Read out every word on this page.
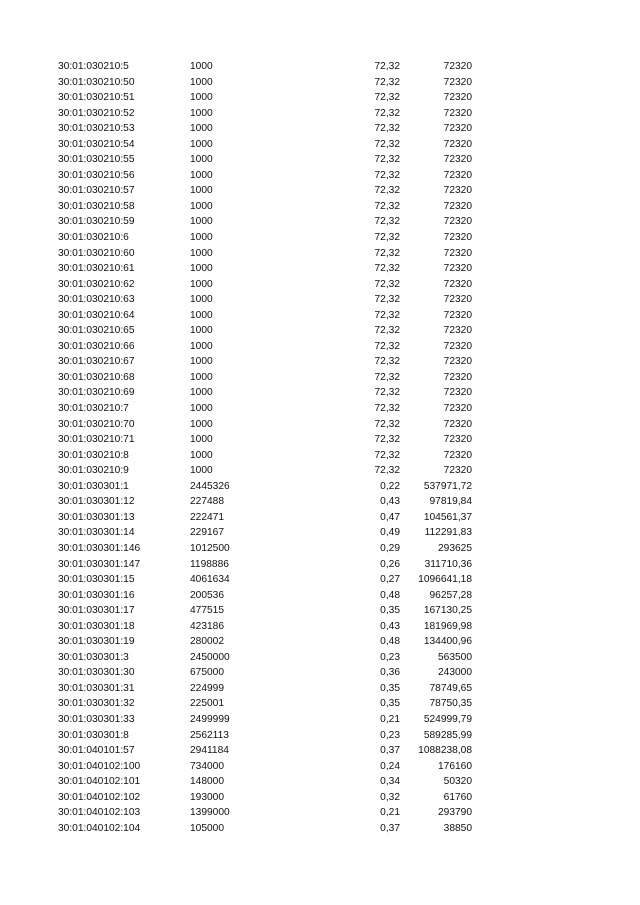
	30:01:030210:5	1000	72,32	72320
	30:01:030210:50	1000	72,32	72320
	30:01:030210:51	1000	72,32	72320
	30:01:030210:52	1000	72,32	72320
	30:01:030210:53	1000	72,32	72320
	30:01:030210:54	1000	72,32	72320
	30:01:030210:55	1000	72,32	72320
	30:01:030210:56	1000	72,32	72320
	30:01:030210:57	1000	72,32	72320
	30:01:030210:58	1000	72,32	72320
	30:01:030210:59	1000	72,32	72320
	30:01:030210:6	1000	72,32	72320
	30:01:030210:60	1000	72,32	72320
	30:01:030210:61	1000	72,32	72320
	30:01:030210:62	1000	72,32	72320
	30:01:030210:63	1000	72,32	72320
	30:01:030210:64	1000	72,32	72320
	30:01:030210:65	1000	72,32	72320
	30:01:030210:66	1000	72,32	72320
	30:01:030210:67	1000	72,32	72320
	30:01:030210:68	1000	72,32	72320
	30:01:030210:69	1000	72,32	72320
	30:01:030210:7	1000	72,32	72320
	30:01:030210:70	1000	72,32	72320
	30:01:030210:71	1000	72,32	72320
	30:01:030210:8	1000	72,32	72320
	30:01:030210:9	1000	72,32	72320
	30:01:030301:1	2445326	0,22	537971,72
	30:01:030301:12	227488	0,43	97819,84
	30:01:030301:13	222471	0,47	104561,37
	30:01:030301:14	229167	0,49	112291,83
	30:01:030301:146	1012500	0,29	293625
	30:01:030301:147	1198886	0,26	311710,36
	30:01:030301:15	4061634	0,27	1096641,18
	30:01:030301:16	200536	0,48	96257,28
	30:01:030301:17	477515	0,35	167130,25
	30:01:030301:18	423186	0,43	181969,98
	30:01:030301:19	280002	0,48	134400,96
	30:01:030301:3	2450000	0,23	563500
	30:01:030301:30	675000	0,36	243000
	30:01:030301:31	224999	0,35	78749,65
	30:01:030301:32	225001	0,35	78750,35
	30:01:030301:33	2499999	0,21	524999,79
	30:01:030301:8	2562113	0,23	589285,99
	30:01:040101:57	2941184	0,37	1088238,08
	30:01:040102:100	734000	0,24	176160
	30:01:040102:101	148000	0,34	50320
	30:01:040102:102	193000	0,32	61760
	30:01:040102:103	1399000	0,21	293790
	30:01:040102:104	105000	0,37	38850
